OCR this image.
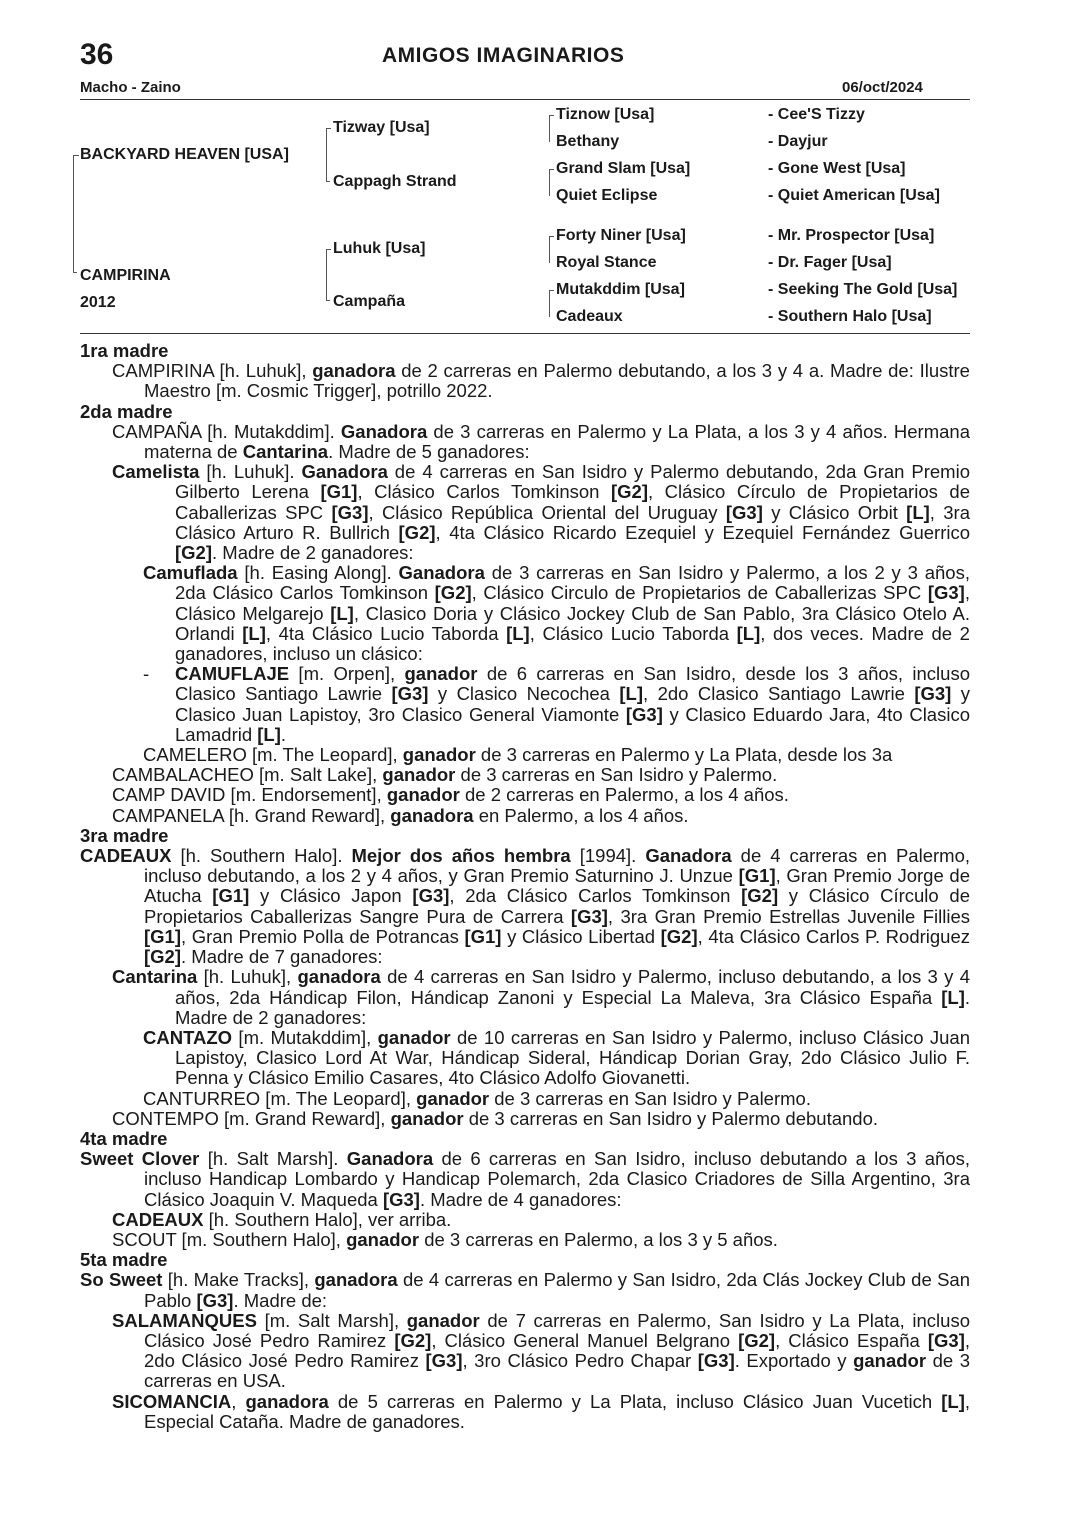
36	AMIGOS IMAGINARIOS
Macho - Zaino	06/oct/2024
BACKYARD HEAVEN [USA]
CAMPIRINA
2012
Tizway [Usa]
Cappagh Strand
Luhuk [Usa]
Campaña
Tiznow [Usa]
Bethany
Grand Slam [Usa]
Quiet Eclipse
Forty Niner [Usa]
Royal Stance
Mutakddim [Usa]
Cadeaux
- Cee'S Tizzy
- Dayjur
- Gone West [Usa]
- Quiet American [Usa]
- Mr. Prospector [Usa]
- Dr. Fager [Usa]
- Seeking The Gold [Usa]
- Southern Halo [Usa]
1ra madre
CAMPIRINA [h. Luhuk], ganadora de 2 carreras en Palermo debutando, a los 3 y 4 a. Madre de: Ilustre Maestro [m. Cosmic Trigger], potrillo 2022.
2da madre
CAMPAÑA [h. Mutakddim]. Ganadora de 3 carreras en Palermo y La Plata, a los 3 y 4 años. Hermana materna de Cantarina. Madre de 5 ganadores:
Camelista [h. Luhuk]. Ganadora de 4 carreras en San Isidro y Palermo debutando, 2da Gran Premio Gilberto Lerena [G1], Clásico Carlos Tomkinson [G2], Clásico Círculo de Propietarios de Caballerizas SPC [G3], Clásico República Oriental del Uruguay [G3] y Clásico Orbit [L], 3ra Clásico Arturo R. Bullrich [G2], 4ta Clásico Ricardo Ezequiel y Ezequiel Fernández Guerrico [G2]. Madre de 2 ganadores:
Camuflada [h. Easing Along]. Ganadora de 3 carreras en San Isidro y Palermo, a los 2 y 3 años, 2da Clásico Carlos Tomkinson [G2], Clásico Circulo de Propietarios de Caballerizas SPC [G3], Clásico Melgarejo [L], Clasico Doria y Clásico Jockey Club de San Pablo, 3ra Clásico Otelo A. Orlandi [L], 4ta Clásico Lucio Taborda [L], Clásico Lucio Taborda [L], dos veces. Madre de 2 ganadores, incluso un clásico:
- CAMUFLAJE [m. Orpen], ganador de 6 carreras en San Isidro, desde los 3 años, incluso Clasico Santiago Lawrie [G3] y Clasico Necochea [L], 2do Clasico Santiago Lawrie [G3] y Clasico Juan Lapistoy, 3ro Clasico General Viamonte [G3] y Clasico Eduardo Jara, 4to Clasico Lamadrid [L].
CAMELERO [m. The Leopard], ganador de 3 carreras en Palermo y La Plata, desde los 3a
CAMBALACHEO [m. Salt Lake], ganador de 3 carreras en San Isidro y Palermo.
CAMP DAVID [m. Endorsement], ganador de 2 carreras en Palermo, a los 4 años.
CAMPANELA [h. Grand Reward], ganadora en Palermo, a los 4 años.
3ra madre
CADEAUX [h. Southern Halo]. Mejor dos años hembra [1994]. Ganadora de 4 carreras en Palermo, incluso debutando, a los 2 y 4 años, y Gran Premio Saturnino J. Unzue [G1], Gran Premio Jorge de Atucha [G1] y Clásico Japon [G3], 2da Clásico Carlos Tomkinson [G2] y Clásico Círculo de Propietarios Caballerizas Sangre Pura de Carrera [G3], 3ra Gran Premio Estrellas Juvenile Fillies [G1], Gran Premio Polla de Potrancas [G1] y Clásico Libertad [G2], 4ta Clásico Carlos P. Rodriguez [G2]. Madre de 7 ganadores:
Cantarina [h. Luhuk], ganadora de 4 carreras en San Isidro y Palermo, incluso debutando, a los 3 y 4 años, 2da Hándicap Filon, Hándicap Zanoni y Especial La Maleva, 3ra Clásico España [L]. Madre de 2 ganadores:
CANTAZO [m. Mutakddim], ganador de 10 carreras en San Isidro y Palermo, incluso Clásico Juan Lapistoy, Clasico Lord At War, Hándicap Sideral, Hándicap Dorian Gray, 2do Clásico Julio F. Penna y Clásico Emilio Casares, 4to Clásico Adolfo Giovanetti.
CANTURREO [m. The Leopard], ganador de 3 carreras en San Isidro y Palermo.
CONTEMPO [m. Grand Reward], ganador de 3 carreras en San Isidro y Palermo debutando.
4ta madre
Sweet Clover [h. Salt Marsh]. Ganadora de 6 carreras en San Isidro, incluso debutando a los 3 años, incluso Handicap Lombardo y Handicap Polemarch, 2da Clasico Criadores de Silla Argentino, 3ra Clásico Joaquin V. Maqueda [G3]. Madre de 4 ganadores:
CADEAUX [h. Southern Halo], ver arriba.
SCOUT [m. Southern Halo], ganador de 3 carreras en Palermo, a los 3 y 5 años.
5ta madre
So Sweet [h. Make Tracks], ganadora de 4 carreras en Palermo y San Isidro, 2da Clás Jockey Club de San Pablo [G3]. Madre de:
SALAMANQUES [m. Salt Marsh], ganador de 7 carreras en Palermo, San Isidro y La Plata, incluso Clásico José Pedro Ramirez [G2], Clásico General Manuel Belgrano [G2], Clásico España [G3], 2do Clásico José Pedro Ramirez [G3], 3ro Clásico Pedro Chapar [G3]. Exportado y ganador de 3 carreras en USA.
SICOMANCIA, ganadora de 5 carreras en Palermo y La Plata, incluso Clásico Juan Vucetich [L], Especial Cataña. Madre de ganadores.
